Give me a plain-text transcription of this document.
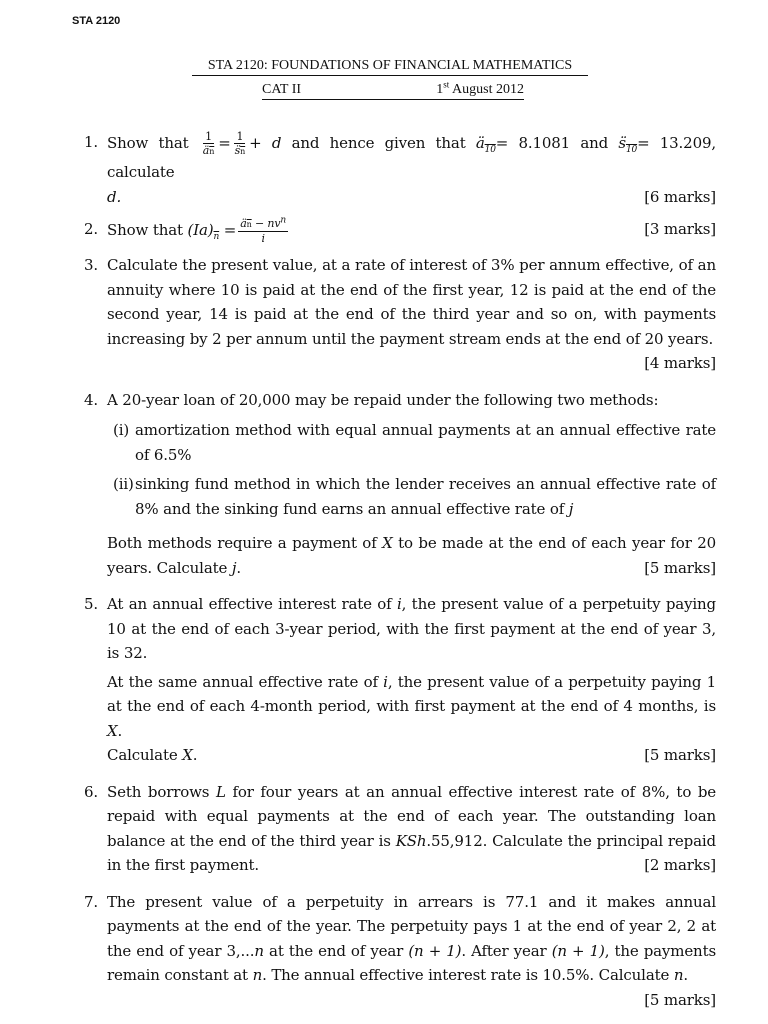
STA 2120
STA 2120: FOUNDATIONS OF FINANCIAL MATHEMATICS
CAT II	1st August 2012
1. Show that $\frac{1}{ä\overline{n}} = \frac{1}{s̈\overline{n}} + d$ and hence given that $ä_{10}= 8.1081$ and $s̈_{10}= 13.209$, calculate
d.	[6 marks]
2. Show that $(Ia)_{\overline{n}} = \frac{ä\overline{n} - nv^n}{i}$	[3 marks]
3. Calculate the present value, at a rate of interest of 3% per annum effective, of an annuity where 10 is paid at the end of the first year, 12 is paid at the end of the second year, 14 is paid at the end of the third year and so on, with payments increasing by 2 per annum until the payment stream ends at the end of 20 years.
[4 marks]
4. A 20-year loan of 20,000 may be repaid under the following two methods:
(i) amortization method with equal annual payments at an annual effective rate of 6.5%
(ii) sinking fund method in which the lender receives an annual effective rate of 8% and the sinking fund earns an annual effective rate of j
Both methods require a payment of X to be made at the end of each year for 20 years. Calculate j.	[5 marks]
5. At an annual effective interest rate of i, the present value of a perpetuity paying 10 at the end of each 3-year period, with the first payment at the end of year 3, is 32.
At the same annual effective rate of i, the present value of a perpetuity paying 1 at the end of each 4-month period, with first payment at the end of 4 months, is X.
Calculate X.	[5 marks]
6. Seth borrows L for four years at an annual effective interest rate of 8%, to be repaid with equal payments at the end of each year. The outstanding loan balance at the end of the third year is KSh.55,912. Calculate the principal repaid in the first payment.	[2 marks]
7. The present value of a perpetuity in arrears is 77.1 and it makes annual payments at the end of the year. The perpetuity pays 1 at the end of year 2, 2 at the end of year 3,...n at the end of year (n + 1). After year (n + 1), the payments remain constant at n. The annual effective interest rate is 10.5%. Calculate n.
[5 marks]
